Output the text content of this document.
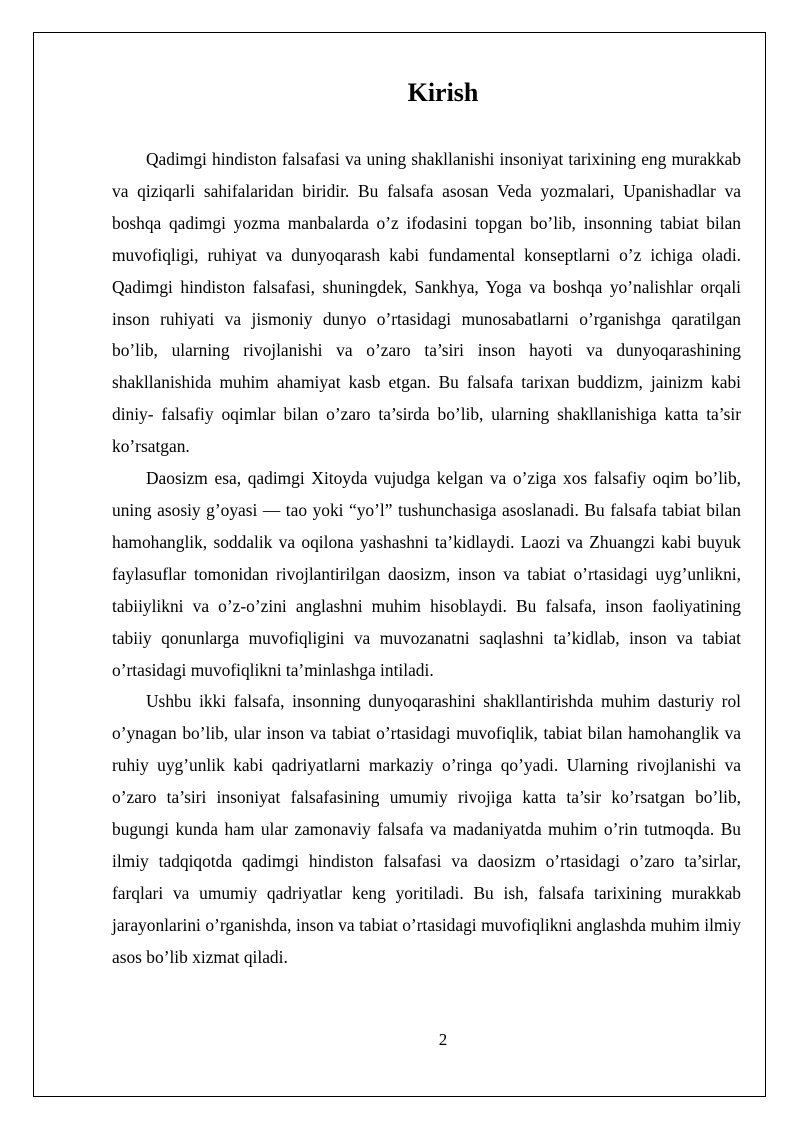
Kirish

Qadimgi hindiston falsafasi va uning shakllanishi insoniyat tarixining eng murakkab va qiziqarli sahifalaridan biridir. Bu falsafa asosan Veda yozmalari, Upanishadlar va boshqa qadimgi yozma manbalarda o’z ifodasini topgan bo’lib, insonning tabiat bilan muvofiqligi, ruhiyat va dunyoqarash kabi fundamental konseptlarni o’z ichiga oladi. Qadimgi hindiston falsafasi, shuningdek, Sankhya, Yoga va boshqa yo’nalishlar orqali inson ruhiyati va jismoniy dunyo o’rtasidagi munosabatlarni o’rganishga qaratilgan bo’lib, ularning rivojlanishi va o’zaro ta’siri inson hayoti va dunyoqarashining shakllanishida muhim ahamiyat kasb etgan. Bu falsafa tarixan buddizm, jainizm kabi diniy- falsafiy oqimlar bilan o’zaro ta’sirda bo’lib, ularning shakllanishiga katta ta’sir ko’rsatgan.

Daosizm esa, qadimgi Xitoyda vujudga kelgan va o’ziga xos falsafiy oqim bo’lib, uning asosiy g’oyasi — tao yoki “yo’l” tushunchasiga asoslanadi. Bu falsafa tabiat bilan hamohanglik, soddalik va oqilona yashashni ta’kidlaydi. Laozi va Zhuangzi kabi buyuk faylasuflar tomonidan rivojlantirilgan daosizm, inson va tabiat o’rtasidagi uyg’unlikni, tabiiylikni va o’z-o’zini anglashni muhim hisoblaydi. Bu falsafa, inson faoliyatining tabiiy qonunlarga muvofiqligini va muvozanatni saqlashni ta’kidlab, inson va tabiat o’rtasidagi muvofiqlikni ta’minlashga intiladi.

Ushbu ikki falsafa, insonning dunyoqarashini shakllantirishda muhim dasturiy rol o’ynagan bo’lib, ular inson va tabiat o’rtasidagi muvofiqlik, tabiat bilan hamohanglik va ruhiy uyg’unlik kabi qadriyatlarni markaziy o’ringa qo’yadi. Ularning rivojlanishi va o’zaro ta’siri insoniyat falsafasining umumiy rivojiga katta ta’sir ko’rsatgan bo’lib, bugungi kunda ham ular zamonaviy falsafa va madaniyatda muhim o’rin tutmoqda. Bu ilmiy tadqiqotda qadimgi hindiston falsafasi va daosizm o’rtasidagi o’zaro ta’sirlar, farqlari va umumiy qadriyatlar keng yoritiladi. Bu ish, falsafa tarixining murakkab jarayonlarini o’rganishda, inson va tabiat o’rtasidagi muvofiqlikni anglashda muhim ilmiy asos bo’lib xizmat qiladi.

2
